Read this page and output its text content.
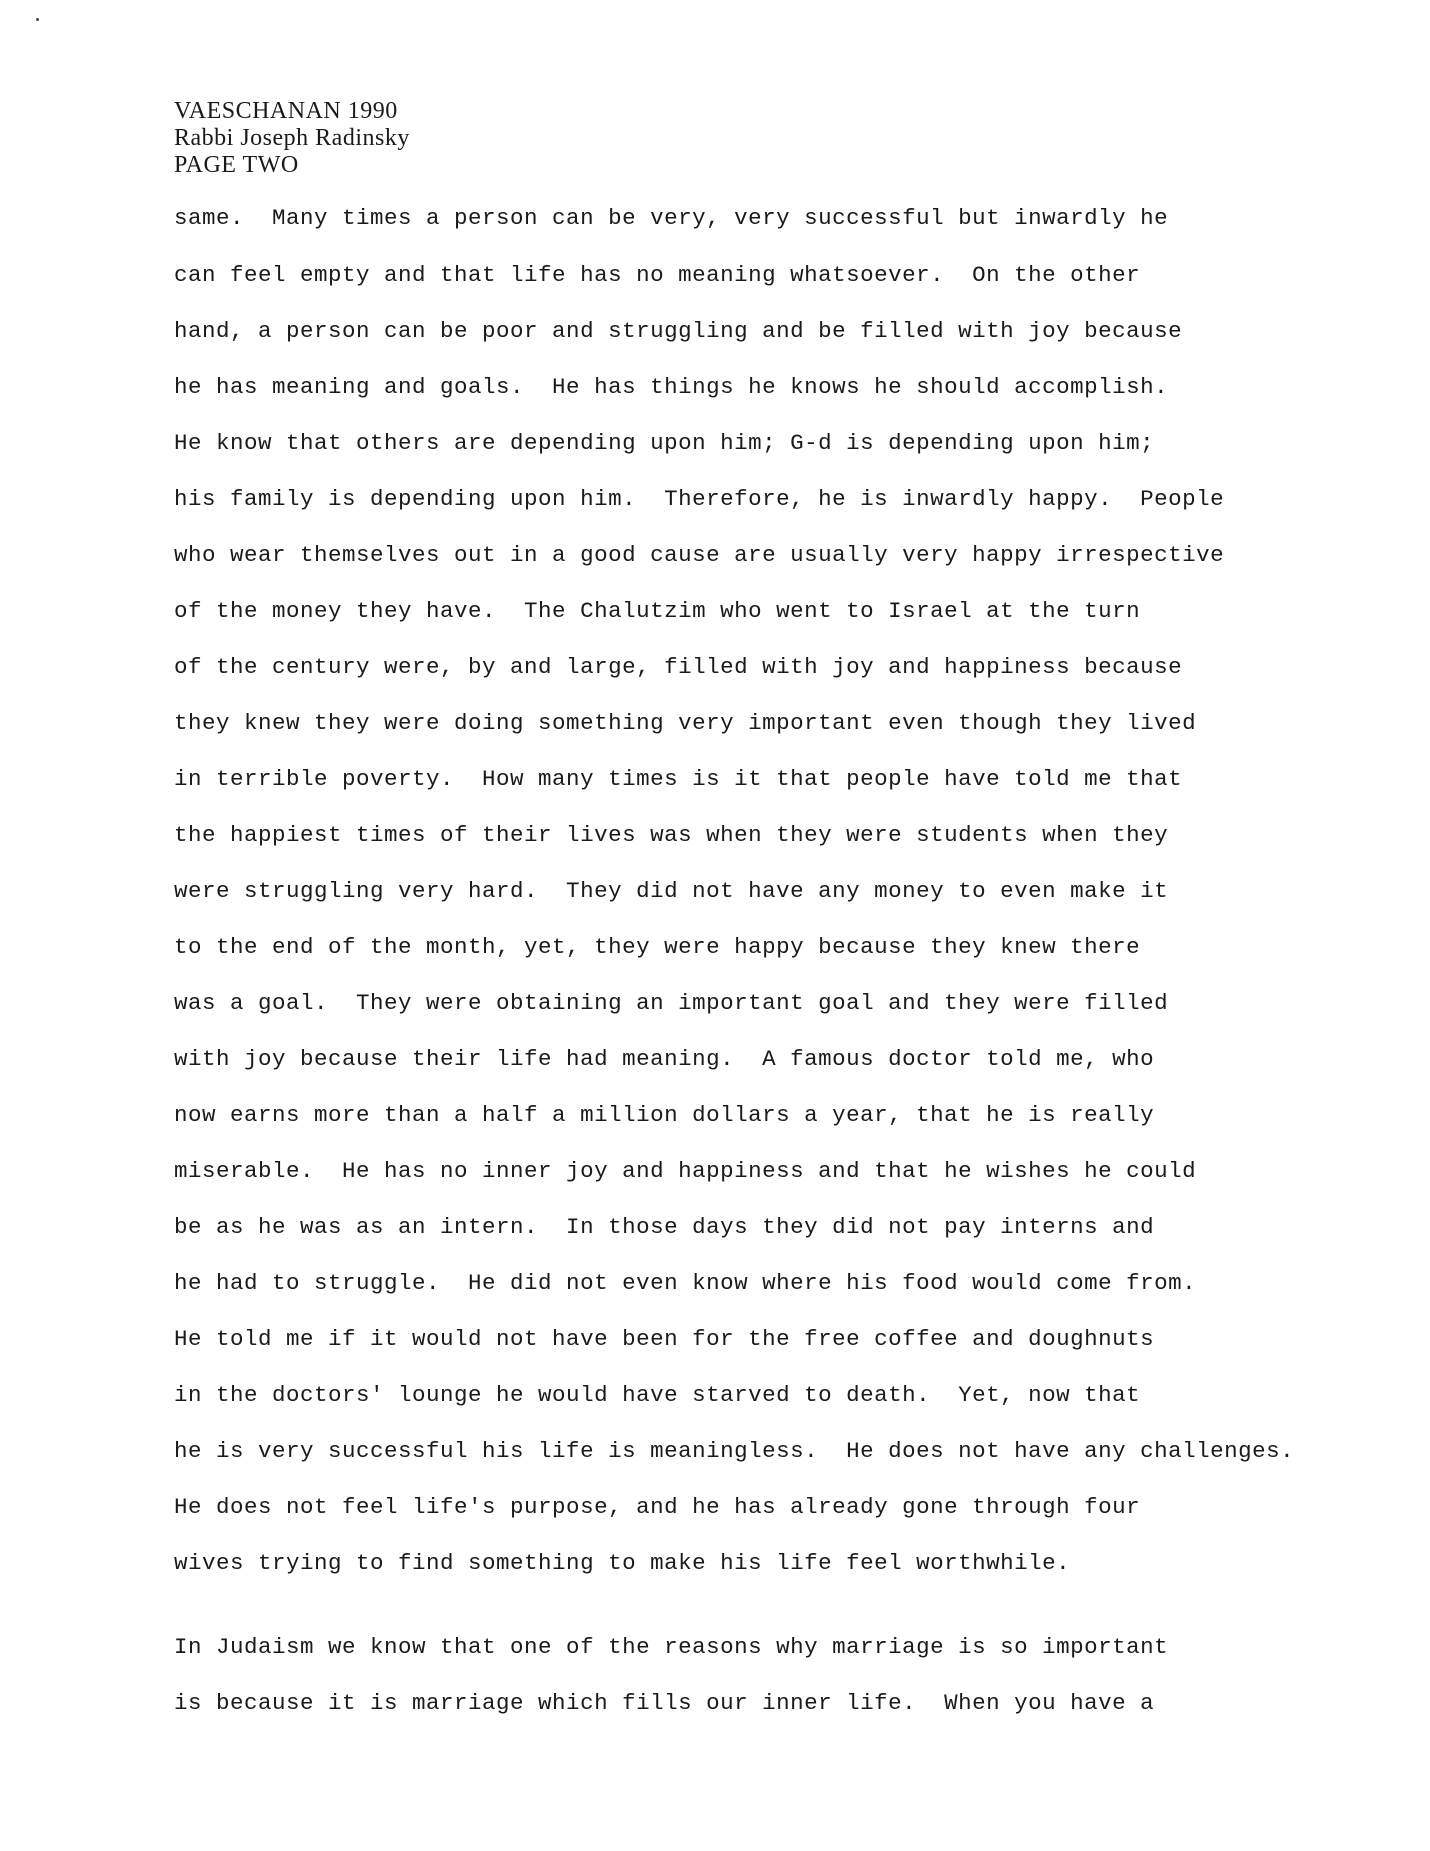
VAESCHANAN 1990
Rabbi Joseph Radinsky
PAGE TWO
same.  Many times a person can be very, very successful but inwardly he
can feel empty and that life has no meaning whatsoever.  On the other
hand, a person can be poor and struggling and be filled with joy because
he has meaning and goals.  He has things he knows he should accomplish.
He know that others are depending upon him; G-d is depending upon him;
his family is depending upon him.  Therefore, he is inwardly happy.  People
who wear themselves out in a good cause are usually very happy irrespective
of the money they have.  The Chalutzim who went to Israel at the turn
of the century were, by and large, filled with joy and happiness because
they knew they were doing something very important even though they lived
in terrible poverty.  How many times is it that people have told me that
the happiest times of their lives was when they were students when they
were struggling very hard.  They did not have any money to even make it
to the end of the month, yet, they were happy because they knew there
was a goal.  They were obtaining an important goal and they were filled
with joy because their life had meaning.  A famous doctor told me, who
now earns more than a half a million dollars a year, that he is really
miserable.  He has no inner joy and happiness and that he wishes he could
be as he was as an intern.  In those days they did not pay interns and
he had to struggle.  He did not even know where his food would come from.
He told me if it would not have been for the free coffee and doughnuts
in the doctors' lounge he would have starved to death.  Yet, now that
he is very successful his life is meaningless.  He does not have any challenges.
He does not feel life's purpose, and he has already gone through four
wives trying to find something to make his life feel worthwhile.
In Judaism we know that one of the reasons why marriage is so important
is because it is marriage which fills our inner life.  When you have a
